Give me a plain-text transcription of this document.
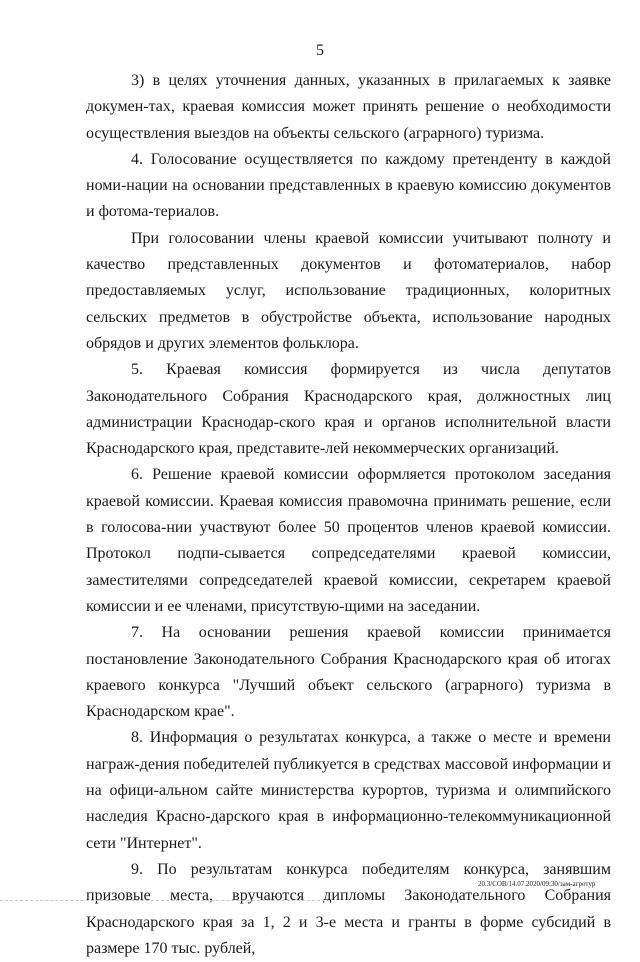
5

3) в целях уточнения данных, указанных в прилагаемых к заявке докумен-тах, краевая комиссия может принять решение о необходимости осуществления выездов на объекты сельского (аграрного) туризма.

4. Голосование осуществляется по каждому претенденту в каждой номи-нации на основании представленных в краевую комиссию документов и фотома-териалов.

При голосовании члены краевой комиссии учитывают полноту и качество представленных документов и фотоматериалов, набор предоставляемых услуг, использование традиционных, колоритных сельских предметов в обустройстве объекта, использование народных обрядов и других элементов фольклора.

5. Краевая комиссия формируется из числа депутатов Законодательного Собрания Краснодарского края, должностных лиц администрации Краснодар-ского края и органов исполнительной власти Краснодарского края, представите-лей некоммерческих организаций.

6. Решение краевой комиссии оформляется протоколом заседания краевой комиссии. Краевая комиссия правомочна принимать решение, если в голосова-нии участвуют более 50 процентов членов краевой комиссии. Протокол подпи-сывается сопредседателями краевой комиссии, заместителями сопредседателей краевой комиссии, секретарем краевой комиссии и ее членами, присутствую-щими на заседании.

7. На основании решения краевой комиссии принимается постановление Законодательного Собрания Краснодарского края об итогах краевого конкурса "Лучший объект сельского (аграрного) туризма в Краснодарском крае".

8. Информация о результатах конкурса, а также о месте и времени награж-дения победителей публикуется в средствах массовой информации и на офици-альном сайте министерства курортов, туризма и олимпийского наследия Красно-дарского края в информационно-телекоммуникационной сети "Интернет".

9. По результатам конкурса победителям конкурса, занявшим призовые места, вручаются дипломы Законодательного Собрания Краснодарского края за 1, 2 и 3-е места и гранты в форме субсидий в размере 170 тыс. рублей,

20.3/СОВ/14.07.2020/09:30/зам-агротур
